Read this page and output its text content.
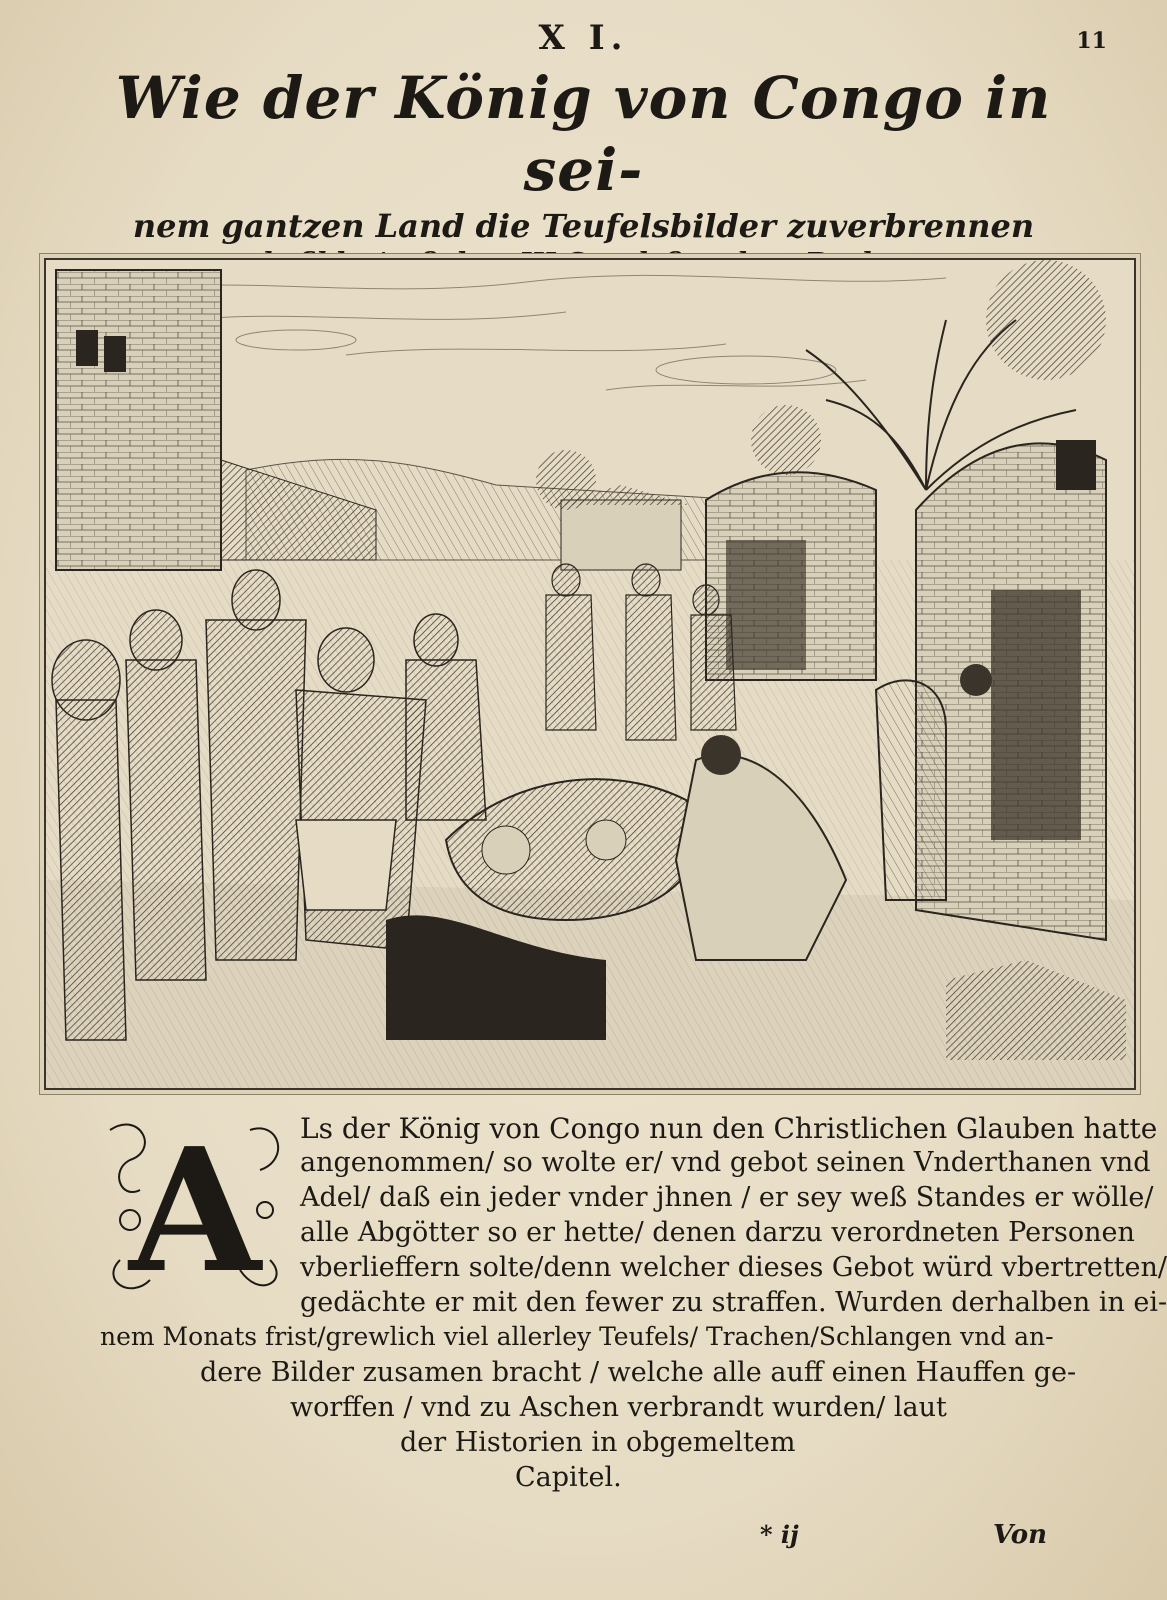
X I.	11
Wie der König von Congo in sei-
nem gantzen Land die Teufelsbilder zuverbrennen
A Ls der König von Congo nun den Christlichen Glauben hatte
angenommen/ so wolte er/ vnd gebot seinen Vnderthanen vnd
Adel/ daß ein jeder vnder jhnen / er sey weß Standes er wölle/
alle Abgötter so er hette/ denen darzu verordneten Personen
vberlieffern solte/denn welcher dieses Gebot würd vbertretten/
gedächte er mit den fewer zu straffen. Wurden derhalben in ei-
nem Monats frist/grewlich viel allerley Teufels/ Trachen/Schlangen vnd an-
dere Bilder zusamen bracht / welche alle auff einen Hauffen ge-
worffen / vnd zu Aschen verbrandt wurden/ laut
der Historien in obgemeltem
Capitel.
* ij	Von
